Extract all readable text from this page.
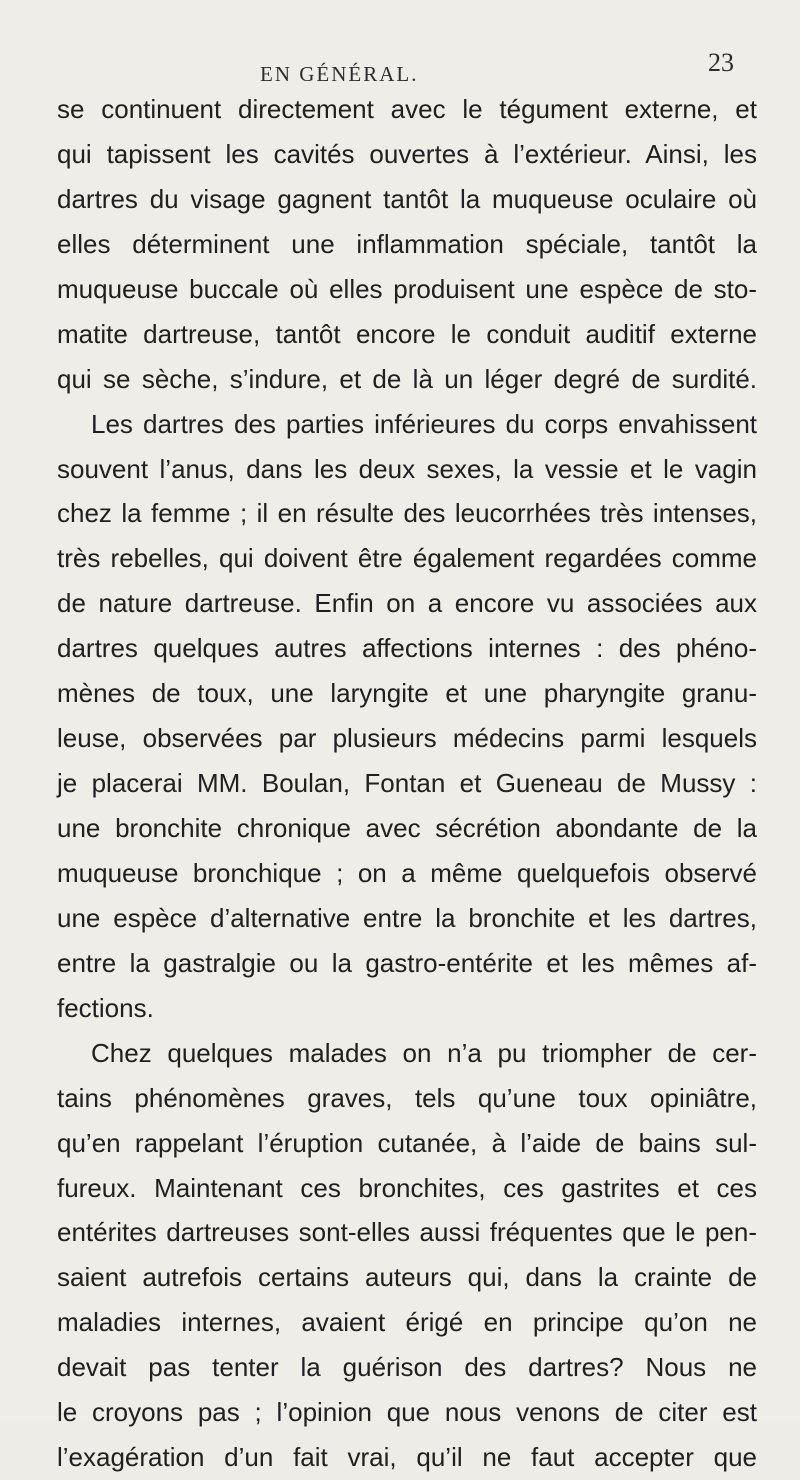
EN GÉNÉRAL.	23
se continuent directement avec le tégument externe, et
qui tapissent les cavités ouvertes à l’extérieur. Ainsi, les
dartres du visage gagnent tantôt la muqueuse oculaire où
elles déterminent une inflammation spéciale, tantôt la
muqueuse buccale où elles produisent une espèce de sto-
matite dartreuse, tantôt encore le conduit auditif externe
qui se sèche, s’indure, et de là un léger degré de surdité.
Les dartres des parties inférieures du corps envahissent
souvent l’anus, dans les deux sexes, la vessie et le vagin
chez la femme ; il en résulte des leucorrhées très intenses,
très rebelles, qui doivent être également regardées comme
de nature dartreuse. Enfin on a encore vu associées aux
dartres quelques autres affections internes : des phéno-
mènes de toux, une laryngite et une pharyngite granu-
leuse, observées par plusieurs médecins parmi lesquels
je placerai MM. Boulan, Fontan et Gueneau de Mussy :
une bronchite chronique avec sécrétion abondante de la
muqueuse bronchique ; on a même quelquefois observé
une espèce d’alternative entre la bronchite et les dartres,
entre la gastralgie ou la gastro-entérite et les mêmes af-
fections.
Chez quelques malades on n’a pu triompher de cer-
tains phénomènes graves, tels qu’une toux opiniâtre,
qu’en rappelant l’éruption cutanée, à l’aide de bains sul-
fureux. Maintenant ces bronchites, ces gastrites et ces
entérites dartreuses sont-elles aussi fréquentes que le pen-
saient autrefois certains auteurs qui, dans la crainte de
maladies internes, avaient érigé en principe qu’on ne
devait pas tenter la guérison des dartres? Nous ne
le croyons pas ; l’opinion que nous venons de citer est
l’exagération d’un fait vrai, qu’il ne faut accepter que
